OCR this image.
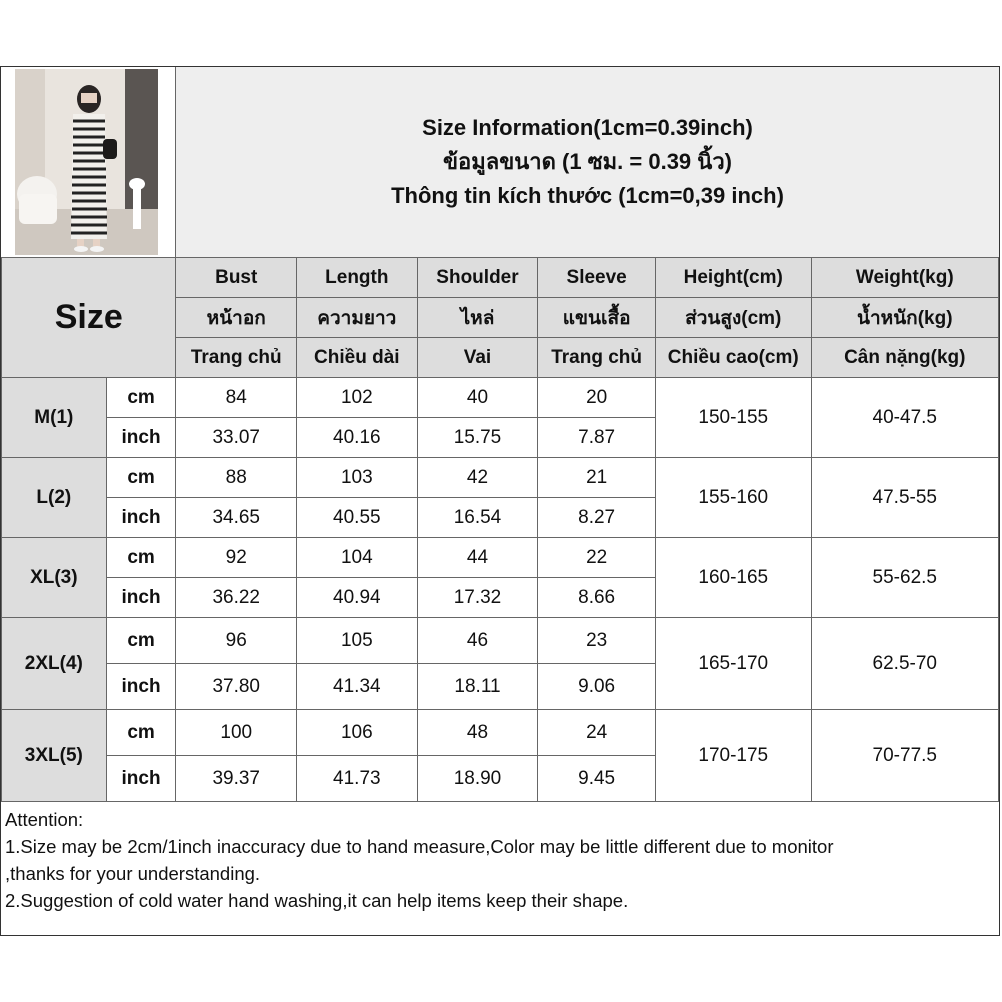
Size Information(1cm=0.39inch)
ข้อมูลขนาด (1 ซม. = 0.39 นิ้ว)
Thông tin kích thước (1cm=0,39 inch)
Size		Bust	Length	Shoulder	Sleeve	Height(cm)	Weight(kg)
		หน้าอก	ความยาว	ไหล่	แขนเสื้อ	ส่วนสูง(cm)	น้ำหนัก(kg)
		Trang chủ	Chiều dài	Vai	Trang chủ	Chiều cao(cm)	Cân nặng(kg)
M(1)	cm	84	102	40	20	150-155	40-47.5
	inch	33.07	40.16	15.75	7.87		
L(2)	cm	88	103	42	21	155-160	47.5-55
	inch	34.65	40.55	16.54	8.27		
XL(3)	cm	92	104	44	22	160-165	55-62.5
	inch	36.22	40.94	17.32	8.66		
2XL(4)	cm	96	105	46	23	165-170	62.5-70
	inch	37.80	41.34	18.11	9.06		
3XL(5)	cm	100	106	48	24	170-175	70-77.5
	inch	39.37	41.73	18.90	9.45		
Attention:
1.Size may be 2cm/1inch inaccuracy due to hand measure,Color may be little different due to monitor
,thanks for your understanding.
2.Suggestion of cold water hand washing,it can help items keep their shape.
